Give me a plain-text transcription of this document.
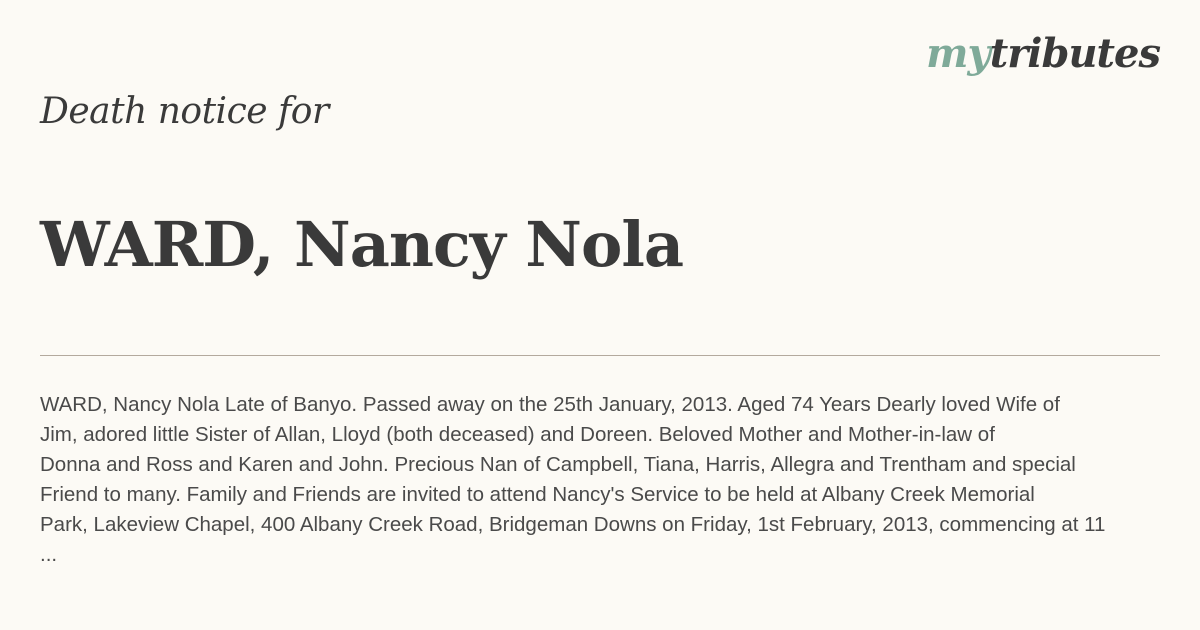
mytributes
Death notice for
WARD, Nancy Nola
WARD, Nancy Nola Late of Banyo. Passed away on the 25th January, 2013. Aged 74 Years Dearly loved Wife of
Jim, adored little Sister of Allan, Lloyd (both deceased) and Doreen. Beloved Mother and Mother-in-law of
Donna and Ross and Karen and John. Precious Nan of Campbell, Tiana, Harris, Allegra and Trentham and special
Friend to many. Family and Friends are invited to attend Nancy's Service to be held at Albany Creek Memorial
Park, Lakeview Chapel, 400 Albany Creek Road, Bridgeman Downs on Friday, 1st February, 2013, commencing at 11
...
